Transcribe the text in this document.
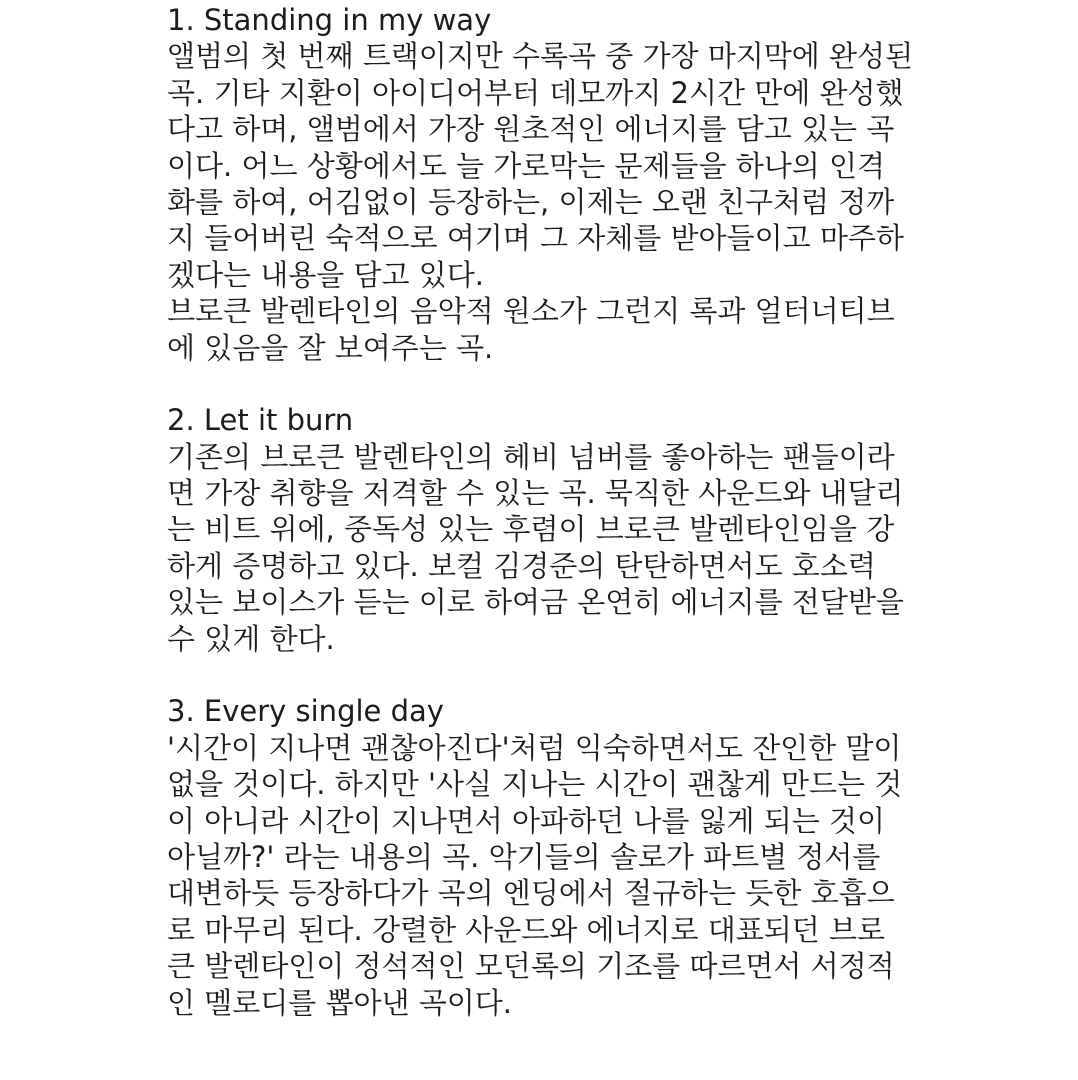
1. Standing in my way
앨범의 첫 번째 트랙이지만 수록곡 중 가장 마지막에 완성된
곡. 기타 지환이 아이디어부터 데모까지 2시간 만에 완성했
다고 하며, 앨범에서 가장 원초적인 에너지를 담고 있는 곡
이다. 어느 상황에서도 늘 가로막는 문제들을 하나의 인격
화를 하여, 어김없이 등장하는, 이제는 오랜 친구처럼 정까
지 들어버린 숙적으로 여기며 그 자체를 받아들이고 마주하
겠다는 내용을 담고 있다.
브로큰 발렌타인의 음악적 원소가 그런지 록과 얼터너티브
에 있음을 잘 보여주는 곡.
2. Let it burn
기존의 브로큰 발렌타인의 헤비 넘버를 좋아하는 팬들이라
면 가장 취향을 저격할 수 있는 곡. 묵직한 사운드와 내달리
는 비트 위에, 중독성 있는 후렴이 브로큰 발렌타인임을 강
하게 증명하고 있다. 보컬 김경준의 탄탄하면서도 호소력
있는 보이스가 듣는 이로 하여금 온연히 에너지를 전달받을
수 있게 한다.
3. Every single day
'시간이 지나면 괜찮아진다'처럼 익숙하면서도 잔인한 말이
없을 것이다. 하지만 '사실 지나는 시간이 괜찮게 만드는 것
이 아니라 시간이 지나면서 아파하던 나를 잃게 되는 것이
아닐까?' 라는 내용의 곡. 악기들의 솔로가 파트별 정서를
대변하듯 등장하다가 곡의 엔딩에서 절규하는 듯한 호흡으
로 마무리 된다. 강렬한 사운드와 에너지로 대표되던 브로
큰 발렌타인이 정석적인 모던록의 기조를 따르면서 서정적
인 멜로디를 뽑아낸 곡이다.
